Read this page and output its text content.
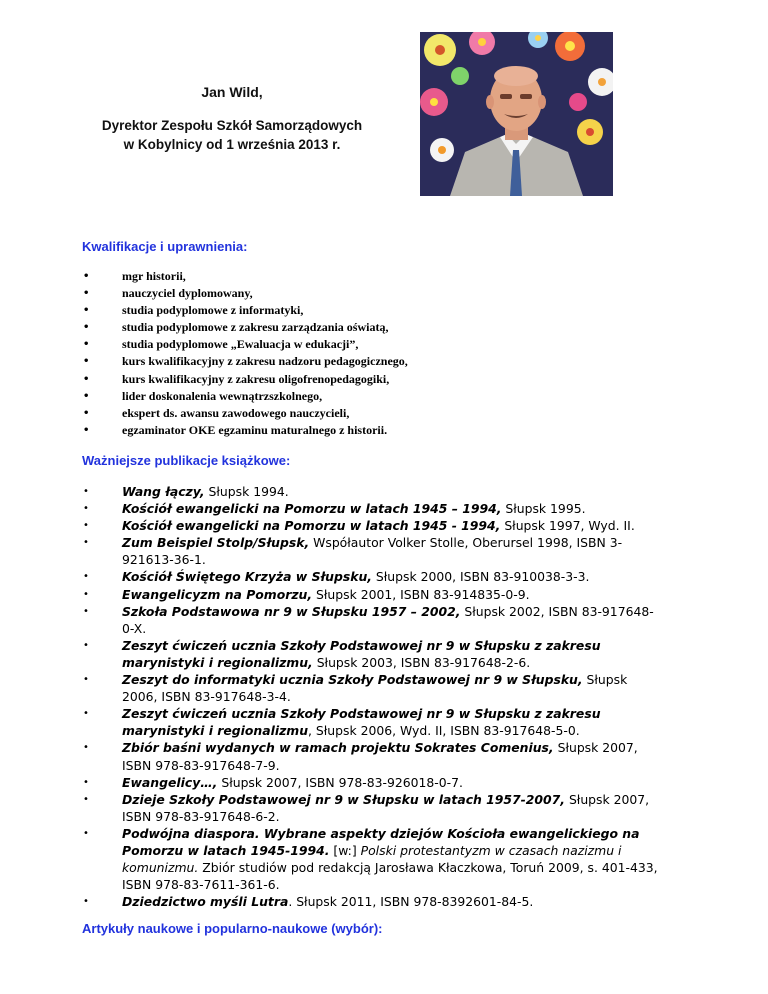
Jan Wild,

Dyrektor Zespołu Szkół Samorządowych

w Kobylnicy od 1 września 2013 r.

Kwalifikacje i uprawnienia:

•	mgr historii,
•	nauczyciel dyplomowany,
•	studia podyplomowe z informatyki,
•	studia podyplomowe z zakresu zarządzania oświatą,
•	studia podyplomowe „Ewaluacja w edukacji”,
•	kurs kwalifikacyjny z zakresu nadzoru pedagogicznego,
•	kurs kwalifikacyjny z zakresu oligofrenopedagogiki,
•	lider doskonalenia wewnątrzszkolnego,
•	ekspert ds. awansu zawodowego nauczycieli,
•	egzaminator OKE egzaminu maturalnego z historii.

Ważniejsze publikacje książkowe:

•	Wang łączy, Słupsk 1994.
•	Kościół ewangelicki na Pomorzu w latach 1945 – 1994, Słupsk 1995.
•	Kościół ewangelicki na Pomorzu w latach 1945 - 1994, Słupsk 1997, Wyd. II.
•	Zum Beispiel Stolp/Słupsk, Współautor Volker Stolle, Oberursel 1998, ISBN 3-921613-36-1.
•	Kościół Świętego Krzyża w Słupsku, Słupsk 2000, ISBN 83-910038-3-3.
•	Ewangelicyzm na Pomorzu, Słupsk 2001, ISBN 83-914835-0-9.
•	Szkoła Podstawowa nr 9 w Słupsku 1957 – 2002, Słupsk 2002, ISBN 83-917648-0-X.
•	Zeszyt ćwiczeń ucznia Szkoły Podstawowej nr 9 w Słupsku z zakresu marynistyki i regionalizmu, Słupsk 2003, ISBN 83-917648-2-6.
•	Zeszyt do informatyki ucznia Szkoły Podstawowej nr 9 w Słupsku, Słupsk 2006, ISBN 83-917648-3-4.
•	Zeszyt ćwiczeń ucznia Szkoły Podstawowej nr 9 w Słupsku z zakresu marynistyki i regionalizmu, Słupsk 2006, Wyd. II, ISBN 83-917648-5-0.
•	Zbiór baśni wydanych w ramach projektu Sokrates Comenius, Słupsk 2007, ISBN 978-83-917648-7-9.
•	Ewangelicy…, Słupsk 2007, ISBN 978-83-926018-0-7.
•	Dzieje Szkoły Podstawowej nr 9 w Słupsku w latach 1957-2007, Słupsk 2007, ISBN 978-83-917648-6-2.
•	Podwójna diaspora. Wybrane aspekty dziejów Kościoła ewangelickiego na Pomorzu w latach 1945-1994. [w:] Polski protestantyzm w czasach nazizmu i komunizmu. Zbiór studiów pod redakcją Jarosława Kłaczkowa, Toruń 2009, s. 401-433, ISBN 978-83-7611-361-6.
•	Dziedzictwo myśli Lutra. Słupsk 2011, ISBN 978-8392601-84-5.

Artykuły naukowe i popularno-naukowe (wybór):
